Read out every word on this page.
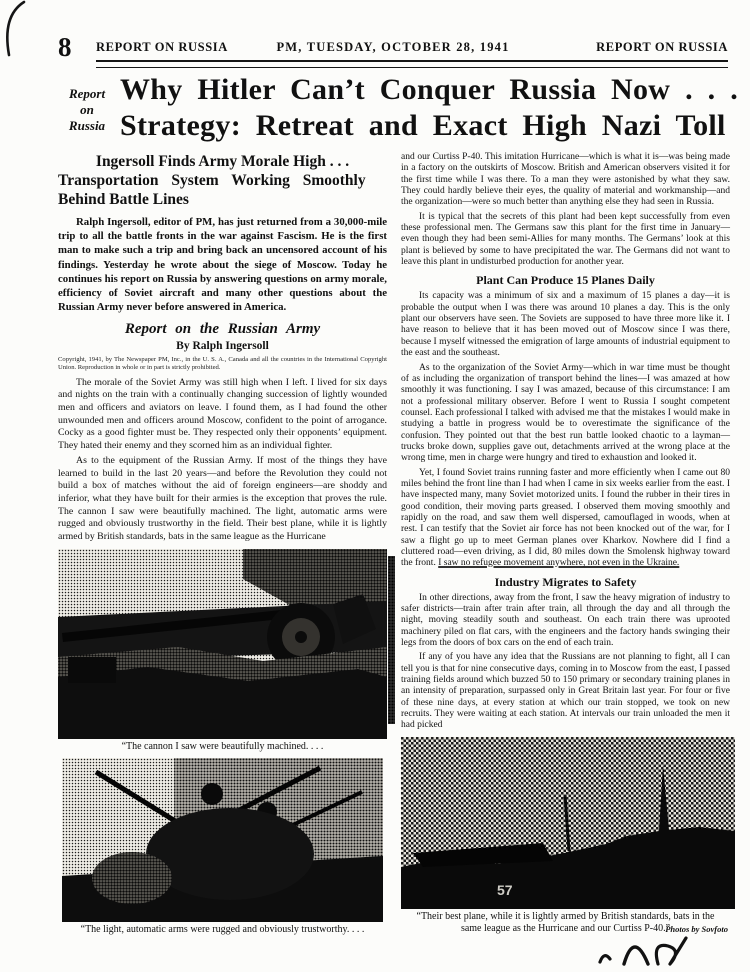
8 REPORT ON RUSSIA	PM, TUESDAY, OCTOBER 28, 1941	REPORT ON RUSSIA
Report
on
Russia
Why Hitler Can’t Conquer Russia Now . . .
Strategy: Retreat and Exact High Nazi Toll
Ingersoll Finds Army Morale High . . .
Transportation System Working Smoothly
Behind Battle Lines

Ralph Ingersoll, editor of PM, has just returned from a 30,000-mile trip to all the battle fronts in the war against Fascism. He is the first man to make such a trip and bring back an uncensored account of his findings. Yesterday he wrote about the siege of Moscow. Today he continues his report on Russia by answering questions on army morale, efficiency of Soviet aircraft and many other questions about the Russian Army never before answered in America.

Report on the Russian Army
By Ralph Ingersoll
Copyright, 1941, by The Newspaper PM, Inc., in the U. S. A., Canada and all the countries in the International Copyright Union. Reproduction in whole or in part is strictly prohibited.

The morale of the Soviet Army was still high when I left. I lived for six days and nights on the train with a continually changing succession of lightly wounded men and officers and aviators on leave. I found them, as I had found the other unwounded men and officers around Moscow, confident to the point of arrogance. Cocky as a good fighter must be. They respected only their opponents’ equipment. They hated their enemy and they scorned him as an individual fighter.

As to the equipment of the Russian Army. If most of the things they have learned to build in the last 20 years—and before the Revolution they could not build a box of matches without the aid of foreign engineers—are shoddy and inferior, what they have built for their armies is the exception that proves the rule. The cannon I saw were beautifully machined. The light, automatic arms were rugged and obviously trustworthy in the field. Their best plane, while it is lightly armed by British standards, bats in the same league as the Hurricane

“The cannon I saw were beautifully machined. . . .
“The light, automatic arms were rugged and obviously trustworthy. . . .

and our Curtiss P-40. This imitation Hurricane—which is what it is—was being made in a factory on the outskirts of Moscow. British and American observers visited it for the first time while I was there. To a man they were astonished by what they saw. They could hardly believe their eyes, the quality of material and workmanship—and the organization—were so much better than anything else they had seen in Russia.

It is typical that the secrets of this plant had been kept successfully from even these professional men. The Germans saw this plant for the first time in January—even though they had been semi-Allies for many months. The Germans’ look at this plant is believed by some to have precipitated the war. The Germans did not want to leave this plant in undisturbed production for another year.

Plant Can Produce 15 Planes Daily

Its capacity was a minimum of six and a maximum of 15 planes a day—it is probable the output when I was there was around 10 planes a day. This is the only plant our observers have seen. The Soviets are supposed to have three more like it. I have reason to believe that it has been moved out of Moscow since I was there, because I myself witnessed the emigration of large amounts of industrial equipment to the east and the southeast.

As to the organization of the Soviet Army—which in war time must be thought of as including the organization of transport behind the lines—I was amazed at how smoothly it was functioning. I say I was amazed, because of this circumstance: I am not a professional military observer. Before I went to Russia I sought competent counsel. Each professional I talked with advised me that the mistakes I would make in studying a battle in progress would be to overestimate the significance of the confusion. They pointed out that the best run battle looked chaotic to a layman—trucks broke down, supplies gave out, detachments arrived at the wrong place at the wrong time, men in charge were hungry and tired to exhaustion and looked it.

Yet, I found Soviet trains running faster and more efficiently when I came out 80 miles behind the front line than I had when I came in six weeks earlier from the east. I have inspected many, many Soviet motorized units. I found the rubber in their tires in good condition, their moving parts greased. I observed them moving smoothly and rapidly on the road, and saw them well dispersed, camouflaged in woods, when at rest. I can testify that the Soviet air force has not been knocked out of the war, for I saw a flight go up to meet German planes over Kharkov. Nowhere did I find a cluttered road—even driving, as I did, 80 miles down the Smolensk highway toward the front. I saw no refugee movement anywhere, not even in the Ukraine.

Industry Migrates to Safety

In other directions, away from the front, I saw the heavy migration of industry to safer districts—train after train after train, all through the day and all through the night, moving steadily south and southeast. On each train there was uprooted machinery piled on flat cars, with the engineers and the factory hands swinging their legs from the doors of box cars on the end of each train.

If any of you have any idea that the Russians are not planning to fight, all I can tell you is that for nine consecutive days, coming in to Moscow from the east, I passed training fields around which buzzed 50 to 150 primary or secondary training planes in an intensity of preparation, surpassed only in Great Britain last year. For four or five of these nine days, at every station at which our train stopped, we took on new recruits. They were waiting at each station. At intervals our train unloaded the men it had picked

57
“Their best plane, while it is lightly armed by British standards, bats in the
same league as the Hurricane and our Curtiss P-40.”
Photos by Sovfoto
